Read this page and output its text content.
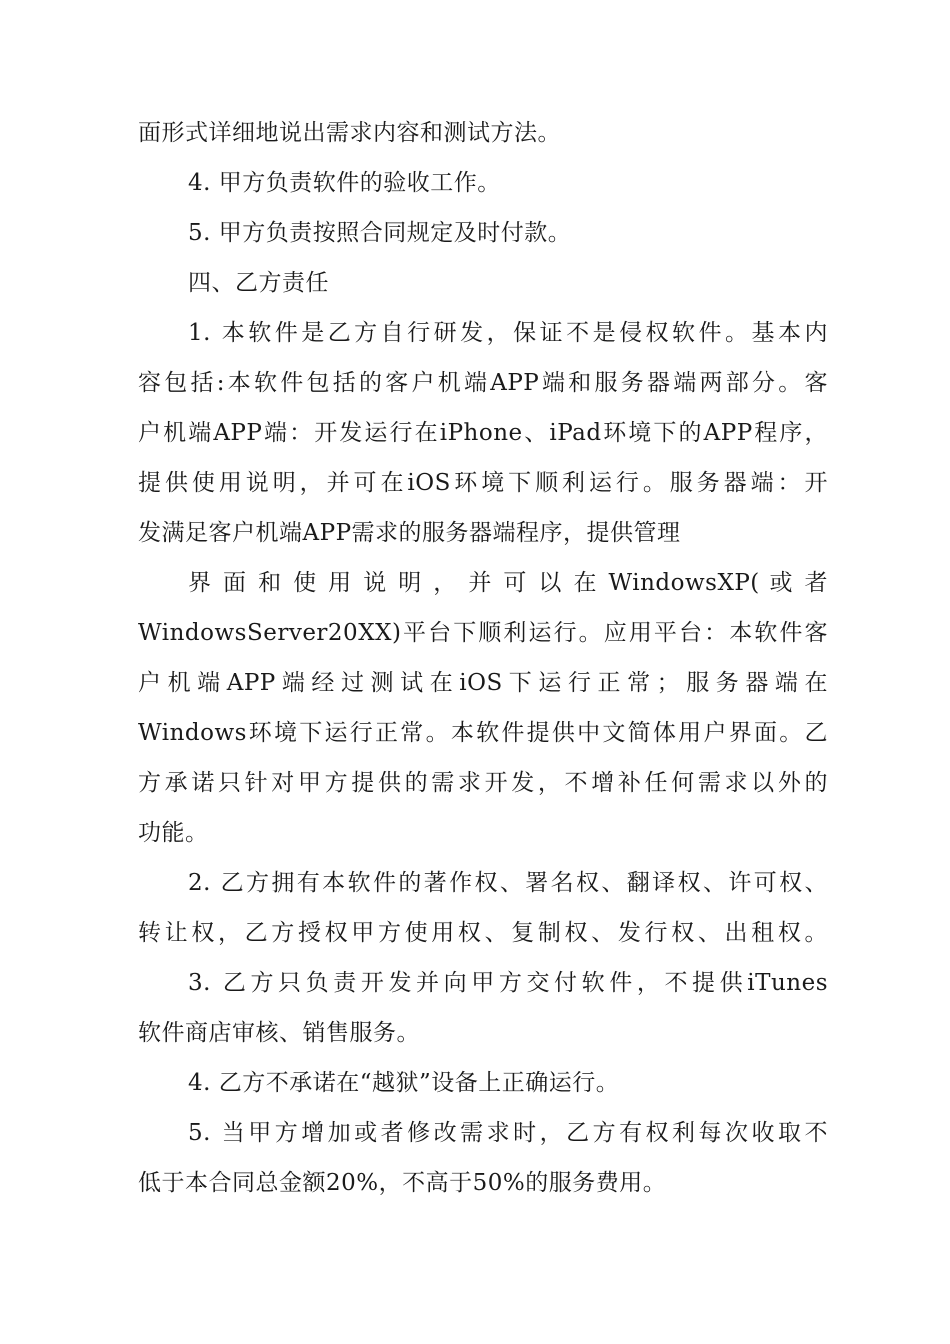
面形式详细地说出需求内容和测试方法。
4. 甲方负责软件的验收工作。
5. 甲方负责按照合同规定及时付款。
四、乙方责任
1. 本软件是乙方自行研发，保证不是侵权软件。基本内
容包括:本软件包括的客户机端APP端和服务器端两部分。客
户机端APP端：开发运行在iPhone、iPad环境下的APP程序，
提供使用说明，并可在iOS环境下顺利运行。服务器端：开
发满足客户机端APP需求的服务器端程序，提供管理
界 面 和 使 用 说 明 ， 并 可 以 在 WindowsXP( 或 者
WindowsServer20XX)平台下顺利运行。应用平台：本软件客
户机端APP端经过测试在iOS下运行正常；服务器端在
Windows环境下运行正常。本软件提供中文简体用户界面。乙
方承诺只针对甲方提供的需求开发，不增补任何需求以外的
功能。
2. 乙方拥有本软件的著作权、署名权、翻译权、许可权、
转让权，乙方授权甲方使用权、复制权、发行权、出租权。
3. 乙方只负责开发并向甲方交付软件，不提供iTunes
软件商店审核、销售服务。
4. 乙方不承诺在“越狱”设备上正确运行。
5. 当甲方增加或者修改需求时，乙方有权利每次收取不
低于本合同总金额20%，不高于50%的服务费用。
